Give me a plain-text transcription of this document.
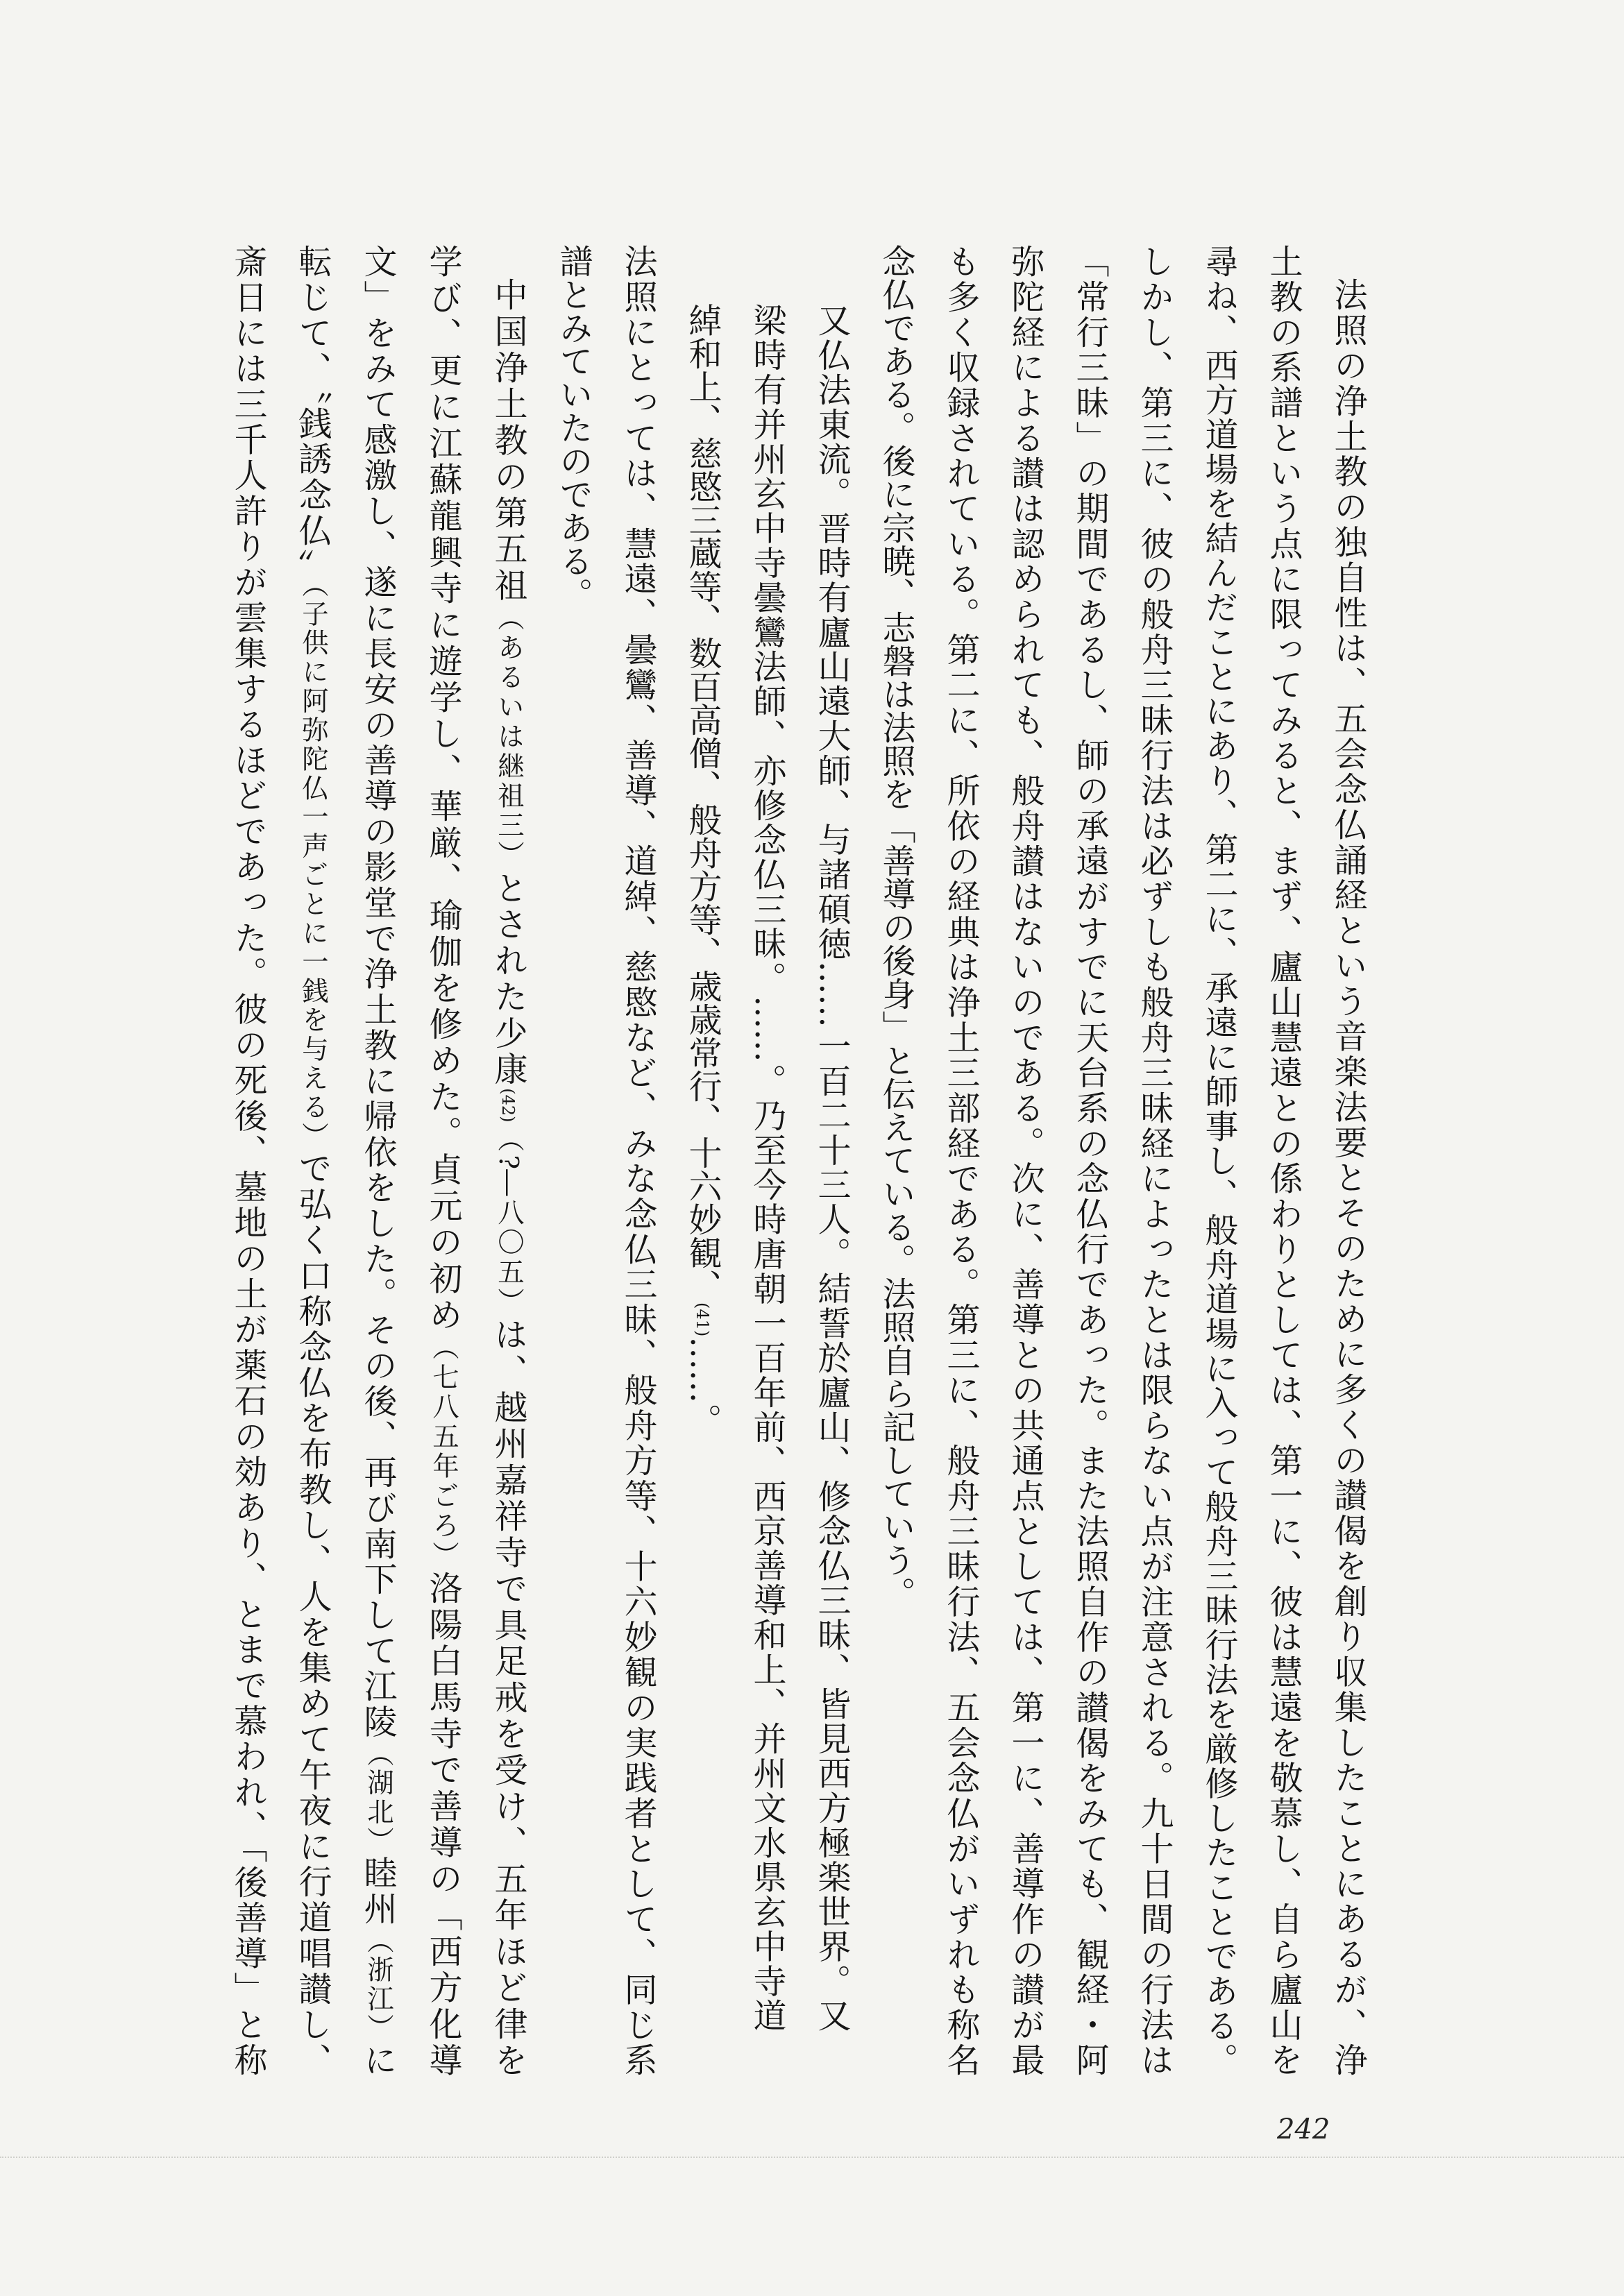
法照の浄土教の独自性は、五会念仏誦経という音楽法要とそのために多くの讃偈を創り収集したことにあるが、浄
土教の系譜という点に限ってみると、まず、廬山慧遠との係わりとしては、第一に、彼は慧遠を敬慕し、自ら廬山を
尋ね、西方道場を結んだことにあり、第二に、承遠に師事し、般舟道場に入って般舟三昧行法を厳修したことである。
しかし、第三に、彼の般舟三昧行法は必ずしも般舟三昧経によったとは限らない点が注意される。九十日間の行法は
「常行三昧」の期間であるし、師の承遠がすでに天台系の念仏行であった。また法照自作の讃偈をみても、観経・阿
弥陀経による讃は認められても、般舟讃はないのである。次に、善導との共通点としては、第一に、善導作の讃が最
も多く収録されている。第二に、所依の経典は浄土三部経である。第三に、般舟三昧行法、五会念仏がいずれも称名
念仏である。後に宗暁、志磐は法照を「善導の後身」と伝えている。法照自ら記していう。
又仏法東流。晋時有廬山遠大師、与諸碩徳……一百二十三人。結誓於廬山、修念仏三昧、皆見西方極楽世界。又
梁時有并州玄中寺曇鸞法師、亦修念仏三昧。……。乃至今時唐朝一百年前、西京善導和上、并州文水県玄中寺道
綽和上、慈愍三蔵等、数百高僧、般舟方等、歳歳常行、十六妙観、(41)……。
法照にとっては、慧遠、曇鸞、善導、道綽、慈愍など、みな念仏三昧、般舟方等、十六妙観の実践者として、同じ系
譜とみていたのである。
中国浄土教の第五祖（あるいは継祖三）とされた少康(42)（?―八〇五）は、越州嘉祥寺で具足戒を受け、五年ほど律を
学び、更に江蘇龍興寺に遊学し、華厳、瑜伽を修めた。貞元の初め（七八五年ごろ）洛陽白馬寺で善導の「西方化導
文」をみて感激し、遂に長安の善導の影堂で浄土教に帰依をした。その後、再び南下して江陵（湖北）睦州（浙江）に
転じて、〝銭誘念仏〟（子供に阿弥陀仏一声ごとに一銭を与える）で弘く口称念仏を布教し、人を集めて午夜に行道唱讃し、
斎日には三千人許りが雲集するほどであった。彼の死後、墓地の土が薬石の効あり、とまで慕われ、「後善導」と称
242
